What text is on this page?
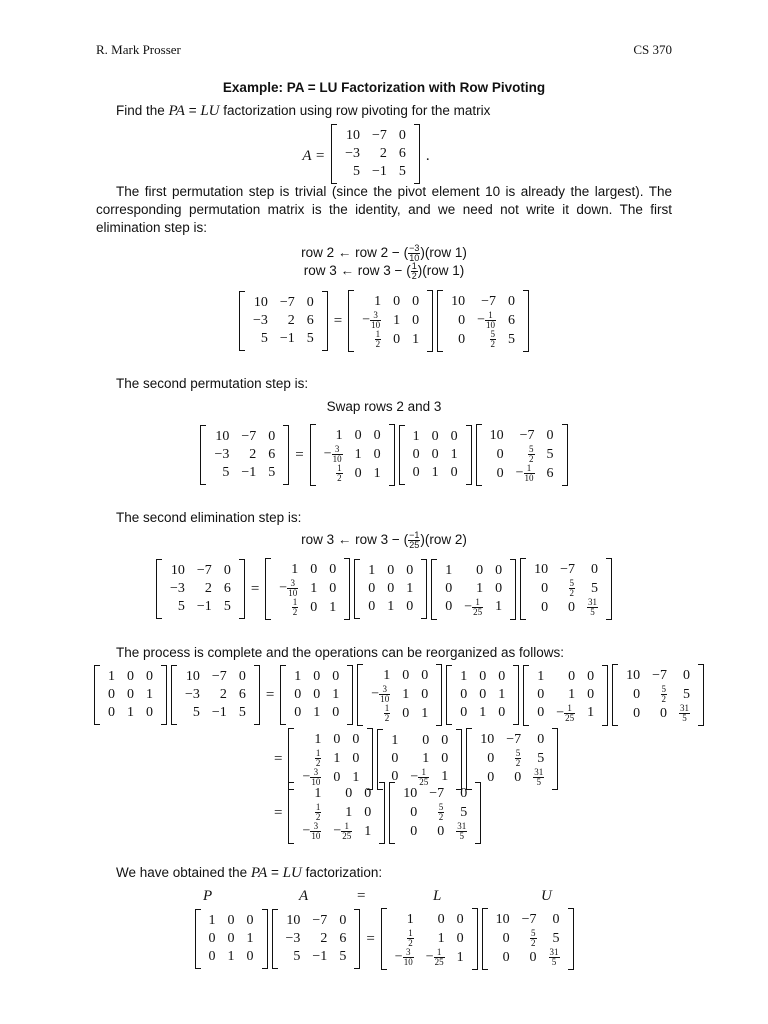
R. Mark Prosser	CS 370
Example: PA = LU Factorization with Row Pivoting
Find the PA = LU factorization using row pivoting for the matrix
A =
10	−7	0
−3	2	6
5	−1	5
.
The first permutation step is trivial (since the pivot element 10 is already the largest). The corresponding permutation matrix is the identity, and we need not write it down. The first elimination step is:
row 2 ← row 2 − ( $\frac{-3}{10} )(row$ 1)
row 3 ← row 3 − ( $\frac{1}{2} )(row$ 1)
10	−7	0
−3	2	6
5	−1	5
=
1	0	0
− $\frac{3}{10}$	1	0

$\frac{1}{2}$	0	1
10	−7	0
0	− $\frac{1}{10}$	6
0	$\frac{5}{2}$	5
The second permutation step is:
Swap rows 2 and 3
10	−7	0
−3	2	6
5	−1	5
=
1	0	0
− $\frac{3}{10}$	1	0

$\frac{1}{2}$	0	1
1	0	0
0	0	1
0	1	0
10	−7	0
0	$\frac{5}{2}$	5
0	− $\frac{1}{10}$	6
The second elimination step is:
row 3 ← row 3 − ( $\frac{-1}{25} )(row$ 2)
10	−7	0
−3	2	6
5	−1	5
=
1	0	0
− $\frac{3}{10}$	1	0

$\frac{1}{2}$	0	1
1	0	0
0	0	1
0	1	0
1	0	0
0	1	0
0	− $\frac{1}{25}$	1
10	−7	0
0	$\frac{5}{2}$	5
0	0	$\frac{31}{5}$
The process is complete and the operations can be reorganized as follows:
1	0	0
0	0	1
0	1	0
10	−7	0
−3	2	6
5	−1	5
=
1	0	0
0	0	1
0	1	0
1	0	0
− $\frac{3}{10}$	1	0

$\frac{1}{2}$	0	1
1	0	0
0	0	1
0	1	0
1	0	0
0	1	0
0	− $\frac{1}{25}$	1
10	−7	0
0	$\frac{5}{2}$	5
0	0	$\frac{31}{5}$
=
1	0	0

$\frac{1}{2}$	1	0
− $\frac{3}{10}$	0	1
1	0	0
0	1	0
0	− $\frac{1}{25}$	1
10	−7	0
0	$\frac{5}{2}$	5
0	0	$\frac{31}{5}$
=
1	0	0

$\frac{1}{2}$	1	0
− $\frac{3}{10}$	− $\frac{1}{25}$	1
10	−7	0
0	$\frac{5}{2}$	5
0	0	$\frac{31}{5}$
We have obtained the PA = LU factorization:
P	A	=	L	U
1	0	0
0	0	1
0	1	0
10	−7	0
−3	2	6
5	−1	5
=
1	0	0

$\frac{1}{2}$	1	0
− $\frac{3}{10}$	− $\frac{1}{25}$	1
10	−7	0
0	$\frac{5}{2}$	5
0	0	$\frac{31}{5}$
